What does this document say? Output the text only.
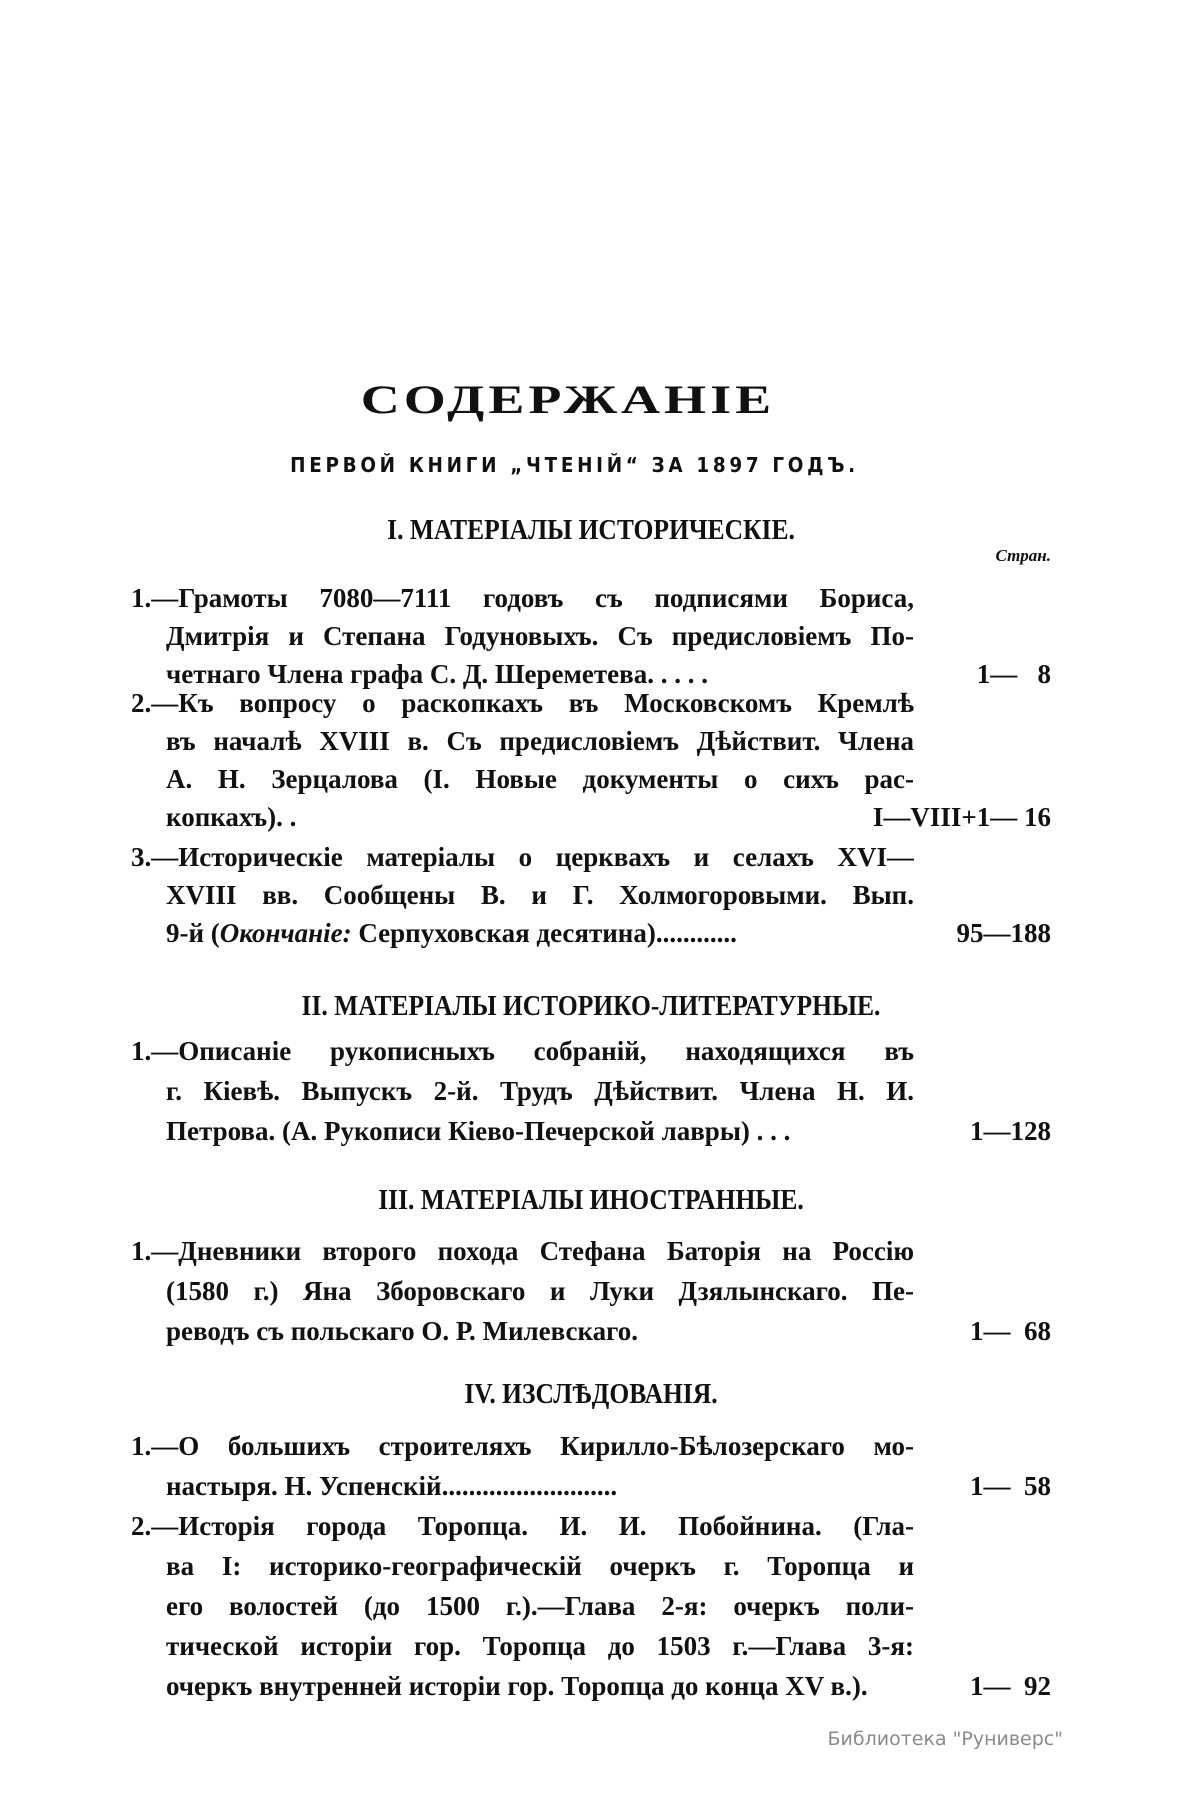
СОДЕРЖАНІЕ
ПЕРВОЙ КНИГИ „ЧТЕНІЙ“ ЗА 1897 ГОДЪ.
I. МАТЕРІАЛЫ ИСТОРИЧЕСКІЕ.
Стран.
1.—Грамоты 7080—7111 годовъ съ подписями Бориса,
Дмитрія и Степана Годуновыхъ. Съ предисловіемъ По-
четнаго Члена графа С. Д. Шереметева. . . . .	1—   8
2.—Къ вопросу о раскопкахъ въ Московскомъ Кремлѣ
въ началѣ XVIII в. Съ предисловіемъ Дѣйствит. Члена
А. Н. Зерцалова (I. Новые документы о сихъ рас-
копкахъ). .	I—VIII+1— 16
3.—Историческіе матеріалы о церквахъ и селахъ XVI—
XVIII вв. Сообщены В. и Г. Холмогоровыми. Вып.
9-й (Окончаніе: Серпуховская десятина)............	95—188
II. МАТЕРІАЛЫ ИСТОРИКО-ЛИТЕРАТУРНЫЕ.
1.—Описаніе рукописныхъ собраній, находящихся въ
г. Кіевѣ. Выпускъ 2-й. Трудъ Дѣйствит. Члена Н. И.
Петрова. (А. Рукописи Кіево-Печерской лавры) . . .	1—128
III. МАТЕРІАЛЫ ИНОСТРАННЫЕ.
1.—Дневники второго похода Стефана Баторія на Россію
(1580 г.) Яна Зборовскаго и Луки Дзялынскаго. Пе-
реводъ съ польскаго О. Р. Милевскаго.	1—  68
IV. ИЗСЛѢДОВАНІЯ.
1.—О большихъ строителяхъ Кирилло-Бѣлозерскаго мо-
настыря. Н. Успенскій..........................	1—  58
2.—Исторія города Торопца. И. И. Побойнина. (Гла-
ва I: историко-географическій очеркъ г. Торопца и
его волостей (до 1500 г.).—Глава 2-я: очеркъ поли-
тической исторіи гор. Торопца до 1503 г.—Глава 3-я:
очеркъ внутренней исторіи гор. Торопца до конца XV в.).	1—  92
Библиотека "Руниверс"
